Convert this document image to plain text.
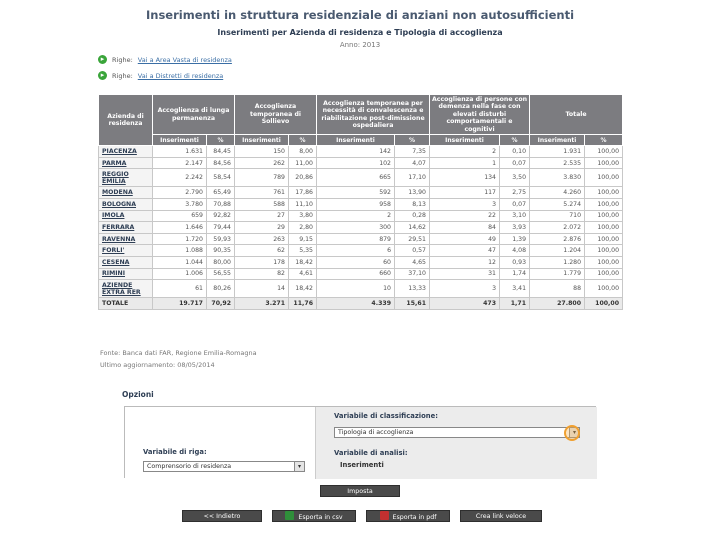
Inserimenti in struttura residenziale di anziani non autosufficienti
Inserimenti per Azienda di residenza e Tipologia di accoglienza
Anno: 2013
▸	Righe: Vai a Area Vasta di residenza
▸	Righe: Vai a Distretti di residenza
Azienda di residenza	Accoglienza di lunga permanenza		Accoglienza temporanea di Sollievo		Accoglienza temporanea per necessità di convalescenza e riabilitazione post-dimissione ospedaliera		Accoglienza di persone con demenza nella fase con elevati disturbi comportamentali e cognitivi		Totale	
	Inserimenti	%	Inserimenti	%	Inserimenti	%	Inserimenti	%	Inserimenti	%
PIACENZA	1.631	84,45	150	8,00	142	7,35	2	0,10	1.931	100,00
PARMA	2.147	84,56	262	11,00	102	4,07	1	0,07	2.535	100,00
REGGIO EMILIA	2.242	58,54	789	20,86	665	17,10	134	3,50	3.830	100,00
MODENA	2.790	65,49	761	17,86	592	13,90	117	2,75	4.260	100,00
BOLOGNA	3.780	70,88	588	11,10	958	8,13	3	0,07	5.274	100,00
IMOLA	659	92,82	27	3,80	2	0,28	22	3,10	710	100,00
FERRARA	1.646	79,44	29	2,80	300	14,62	84	3,93	2.072	100,00
RAVENNA	1.720	59,93	263	9,15	879	29,51	49	1,39	2.876	100,00
FORLI'	1.088	90,35	62	5,35	6	0,57	47	4,08	1.204	100,00
CESENA	1.044	80,00	178	18,42	60	4,65	12	0,93	1.280	100,00
RIMINI	1.006	56,55	82	4,61	660	37,10	31	1,74	1.779	100,00
AZIENDE EXTRA RER	61	80,26	14	18,42	10	13,33	3	3,41	88	100,00
TOTALE	19.717	70,92	3.271	11,76	4.339	15,61	473	1,71	27.800	100,00
Fonte: Banca dati FAR, Regione Emilia-Romagna
Ultimo aggiornamento: 08/05/2014
Opzioni
Variabile di riga:
Comprensorio di residenza	▾
Variabile di classificazione:
Tipologia di accoglienza	▾
Variabile di analisi:
Inserimenti
Imposta
<< Indietro	Esporta in csv	Esporta in pdf	Crea link veloce
